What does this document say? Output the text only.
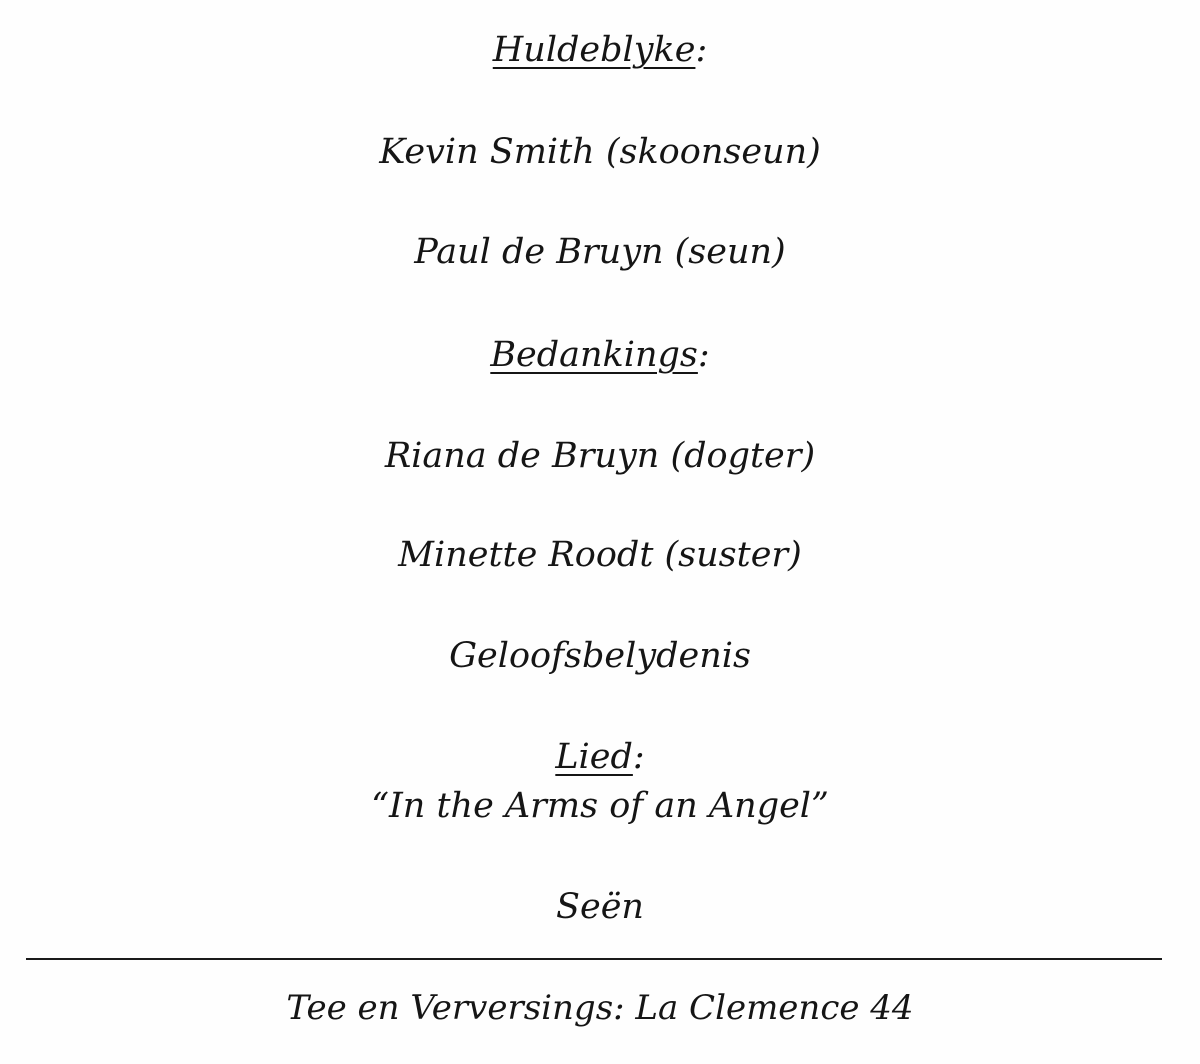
Huldeblyke:
Kevin Smith (skoonseun)
Paul de Bruyn (seun)
Bedankings:
Riana de Bruyn (dogter)
Minette Roodt (suster)
Geloofsbelydenis
Lied:
“In the Arms of an Angel”
Seën
Tee en Verversings: La Clemence 44
